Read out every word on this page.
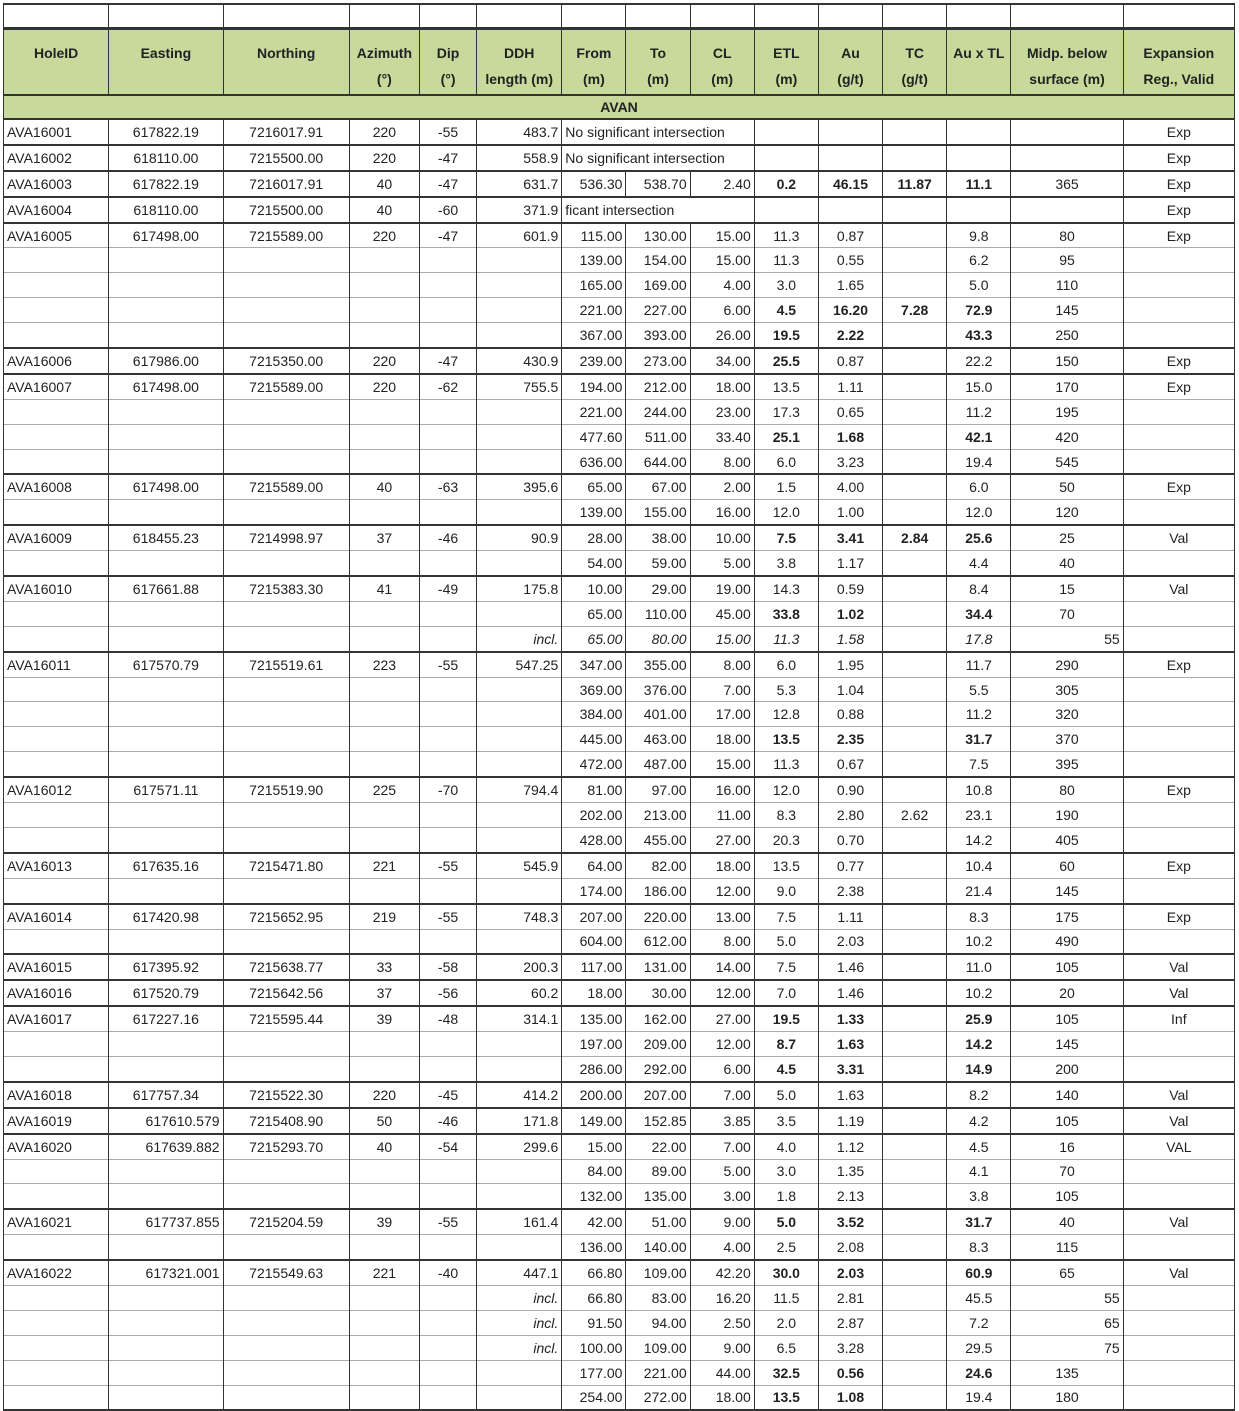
HoleID	Easting	Northing	Azimuth	Dip	DDH	From	To	CL	ETL	Au	TC	Au x TL	Midp. below	Expansion
			(°)	(°)	length (m)	(m)	(m)	(m)	(m)	(g/t)	(g/t)		surface (m)	Reg., Valid
AVAN														
AVA16001	617822.19	7216017.91	220	-55	483.7	No significant intersection								Exp
AVA16002	618110.00	7215500.00	220	-47	558.9	No significant intersection								Exp
AVA16003	617822.19	7216017.91	40	-47	631.7	536.30	538.70	2.40	0.2	46.15	11.87	11.1	365	Exp
AVA16004	618110.00	7215500.00	40	-60	371.9	ficant intersection								Exp
AVA16005	617498.00	7215589.00	220	-47	601.9	115.00	130.00	15.00	11.3	0.87		9.8	80	Exp
						139.00	154.00	15.00	11.3	0.55		6.2	95	
						165.00	169.00	4.00	3.0	1.65		5.0	110	
						221.00	227.00	6.00	4.5	16.20	7.28	72.9	145	
						367.00	393.00	26.00	19.5	2.22		43.3	250	
AVA16006	617986.00	7215350.00	220	-47	430.9	239.00	273.00	34.00	25.5	0.87		22.2	150	Exp
AVA16007	617498.00	7215589.00	220	-62	755.5	194.00	212.00	18.00	13.5	1.11		15.0	170	Exp
						221.00	244.00	23.00	17.3	0.65		11.2	195	
						477.60	511.00	33.40	25.1	1.68		42.1	420	
						636.00	644.00	8.00	6.0	3.23		19.4	545	
AVA16008	617498.00	7215589.00	40	-63	395.6	65.00	67.00	2.00	1.5	4.00		6.0	50	Exp
						139.00	155.00	16.00	12.0	1.00		12.0	120	
AVA16009	618455.23	7214998.97	37	-46	90.9	28.00	38.00	10.00	7.5	3.41	2.84	25.6	25	Val
						54.00	59.00	5.00	3.8	1.17		4.4	40	
AVA16010	617661.88	7215383.30	41	-49	175.8	10.00	29.00	19.00	14.3	0.59		8.4	15	Val
						65.00	110.00	45.00	33.8	1.02		34.4	70	
					incl.	65.00	80.00	15.00	11.3	1.58		17.8	55	
AVA16011	617570.79	7215519.61	223	-55	547.25	347.00	355.00	8.00	6.0	1.95		11.7	290	Exp
						369.00	376.00	7.00	5.3	1.04		5.5	305	
						384.00	401.00	17.00	12.8	0.88		11.2	320	
						445.00	463.00	18.00	13.5	2.35		31.7	370	
						472.00	487.00	15.00	11.3	0.67		7.5	395	
AVA16012	617571.11	7215519.90	225	-70	794.4	81.00	97.00	16.00	12.0	0.90		10.8	80	Exp
						202.00	213.00	11.00	8.3	2.80	2.62	23.1	190	
						428.00	455.00	27.00	20.3	0.70		14.2	405	
AVA16013	617635.16	7215471.80	221	-55	545.9	64.00	82.00	18.00	13.5	0.77		10.4	60	Exp
						174.00	186.00	12.00	9.0	2.38		21.4	145	
AVA16014	617420.98	7215652.95	219	-55	748.3	207.00	220.00	13.00	7.5	1.11		8.3	175	Exp
						604.00	612.00	8.00	5.0	2.03		10.2	490	
AVA16015	617395.92	7215638.77	33	-58	200.3	117.00	131.00	14.00	7.5	1.46		11.0	105	Val
AVA16016	617520.79	7215642.56	37	-56	60.2	18.00	30.00	12.00	7.0	1.46		10.2	20	Val
AVA16017	617227.16	7215595.44	39	-48	314.1	135.00	162.00	27.00	19.5	1.33		25.9	105	Inf
						197.00	209.00	12.00	8.7	1.63		14.2	145	
						286.00	292.00	6.00	4.5	3.31		14.9	200	
AVA16018	617757.34	7215522.30	220	-45	414.2	200.00	207.00	7.00	5.0	1.63		8.2	140	Val
AVA16019	617610.579	7215408.90	50	-46	171.8	149.00	152.85	3.85	3.5	1.19		4.2	105	Val
AVA16020	617639.882	7215293.70	40	-54	299.6	15.00	22.00	7.00	4.0	1.12		4.5	16	VAL
						84.00	89.00	5.00	3.0	1.35		4.1	70	
						132.00	135.00	3.00	1.8	2.13		3.8	105	
AVA16021	617737.855	7215204.59	39	-55	161.4	42.00	51.00	9.00	5.0	3.52		31.7	40	Val
						136.00	140.00	4.00	2.5	2.08		8.3	115	
AVA16022	617321.001	7215549.63	221	-40	447.1	66.80	109.00	42.20	30.0	2.03		60.9	65	Val
					incl.	66.80	83.00	16.20	11.5	2.81		45.5	55	
					incl.	91.50	94.00	2.50	2.0	2.87		7.2	65	
					incl.	100.00	109.00	9.00	6.5	3.28		29.5	75	
						177.00	221.00	44.00	32.5	0.56		24.6	135	
						254.00	272.00	18.00	13.5	1.08		19.4	180	
